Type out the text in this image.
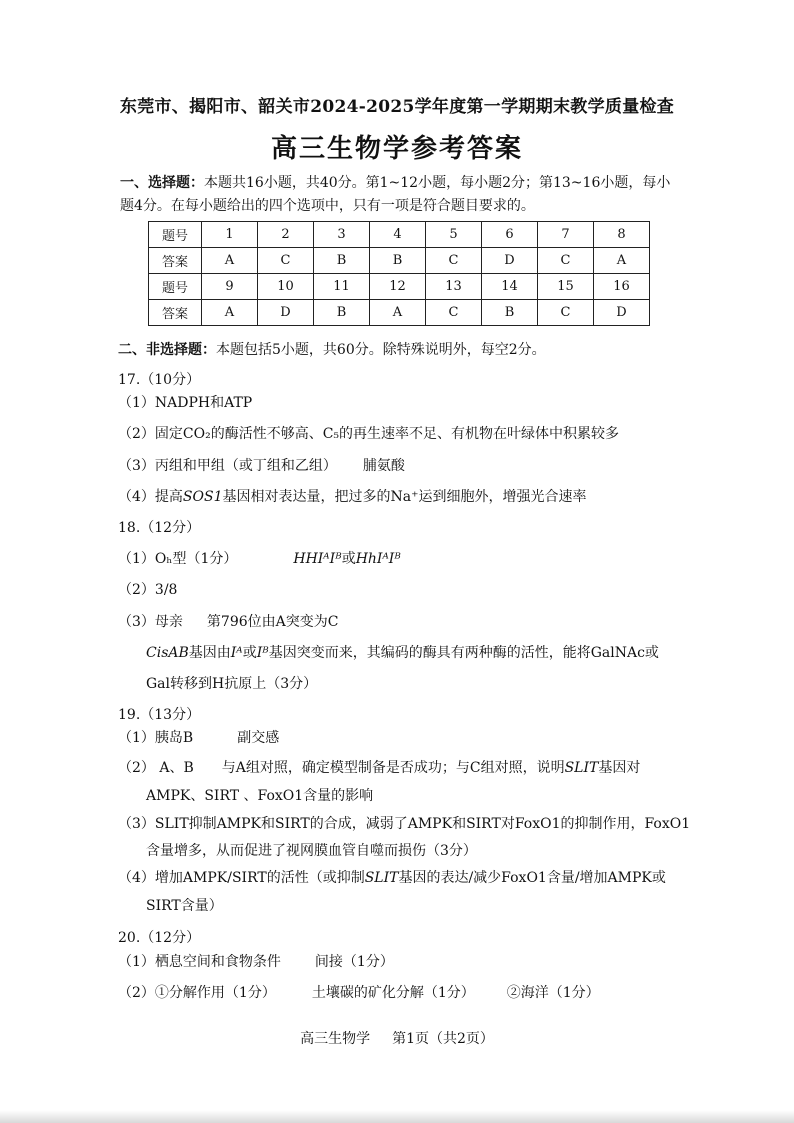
东莞市、揭阳市、韶关市2024-2025学年度第一学期期末教学质量检查
高三生物学参考答案
一、选择题：本题共16小题，共40分。第1~12小题，每小题2分；第13~16小题，每小题4分。在每小题给出的四个选项中，只有一项是符合题目要求的。
题号	1	2	3	4	5	6	7	8
答案	A	C	B	B	C	D	C	A
题号	9	10	11	12	13	14	15	16
答案	A	D	B	A	C	B	C	D
二、非选择题：本题包括5小题，共60分。除特殊说明外，每空2分。
17.（10分）
（1）NADPH和ATP
（2）固定CO₂的酶活性不够高、C₅的再生速率不足、有机物在叶绿体中积累较多
（3）丙组和甲组（或丁组和乙组） 脯氨酸
（4）提高SOS1基因相对表达量，把过多的Na⁺运到细胞外，增强光合速率
18.（12分）
（1）Oₕ型（1分）	HHIᴬIᴮ或HhIᴬIᴮ
（2）3/8
（3）母亲 第796位由A突变为C
CisAB基因由Iᴬ或Iᴮ基因突变而来，其编码的酶具有两种酶的活性，能将GalNAc或
Gal转移到H抗原上（3分）
19.（13分）
（1）胰岛B	副交感
（2） A、B 与A组对照，确定模型制备是否成功；与C组对照，说明SLIT基因对
AMPK、SIRT 、FoxO1含量的影响
（3）SLIT抑制AMPK和SIRT的合成，减弱了AMPK和SIRT对FoxO1的抑制作用，FoxO1
含量增多，从而促进了视网膜血管自噬而损伤（3分）
（4）增加AMPK/SIRT的活性（或抑制SLIT基因的表达/减少FoxO1含量/增加AMPK或
SIRT含量）
20.（12分）
（1）栖息空间和食物条件 间接（1分）
（2）①分解作用（1分）	土壤碳的矿化分解（1分） ②海洋（1分）
高三生物学 第1页（共2页）
